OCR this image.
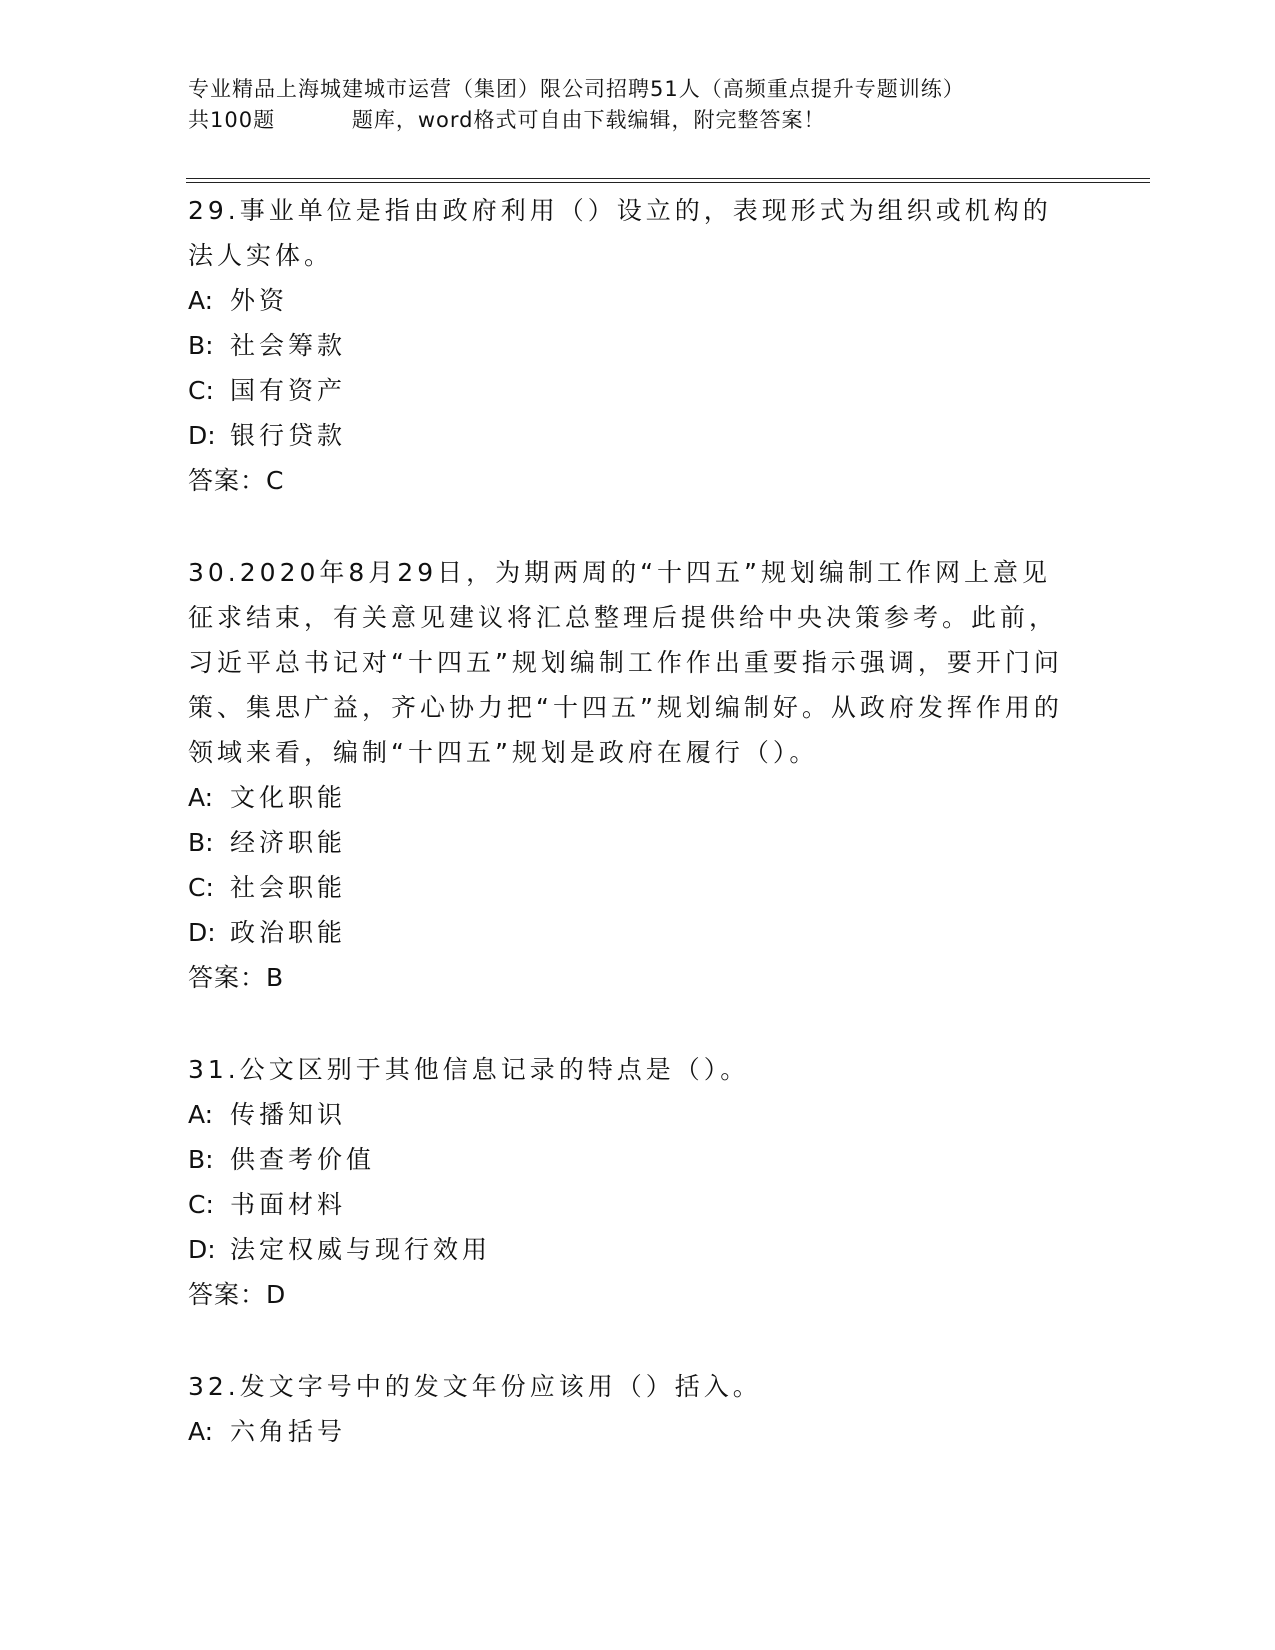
专业精品上海城建城市运营（集团）限公司招聘51人（高频重点提升专题训练）
共100题          题库，word格式可自由下载编辑，附完整答案！
29.事业单位是指由政府利用（）设立的，表现形式为组织或机构的法人实体。
A: 外资
B: 社会筹款
C: 国有资产
D: 银行贷款
答案：C
30.2020年8月29日，为期两周的“十四五”规划编制工作网上意见征求结束，有关意见建议将汇总整理后提供给中央决策参考。此前，习近平总书记对“十四五”规划编制工作作出重要指示强调，要开门问策、集思广益，齐心协力把“十四五”规划编制好。从政府发挥作用的领域来看，编制“十四五”规划是政府在履行（）。
A: 文化职能
B: 经济职能
C: 社会职能
D: 政治职能
答案：B
31.公文区别于其他信息记录的特点是（）。
A: 传播知识
B: 供查考价值
C: 书面材料
D: 法定权威与现行效用
答案：D
32.发文字号中的发文年份应该用（）括入。
A: 六角括号
